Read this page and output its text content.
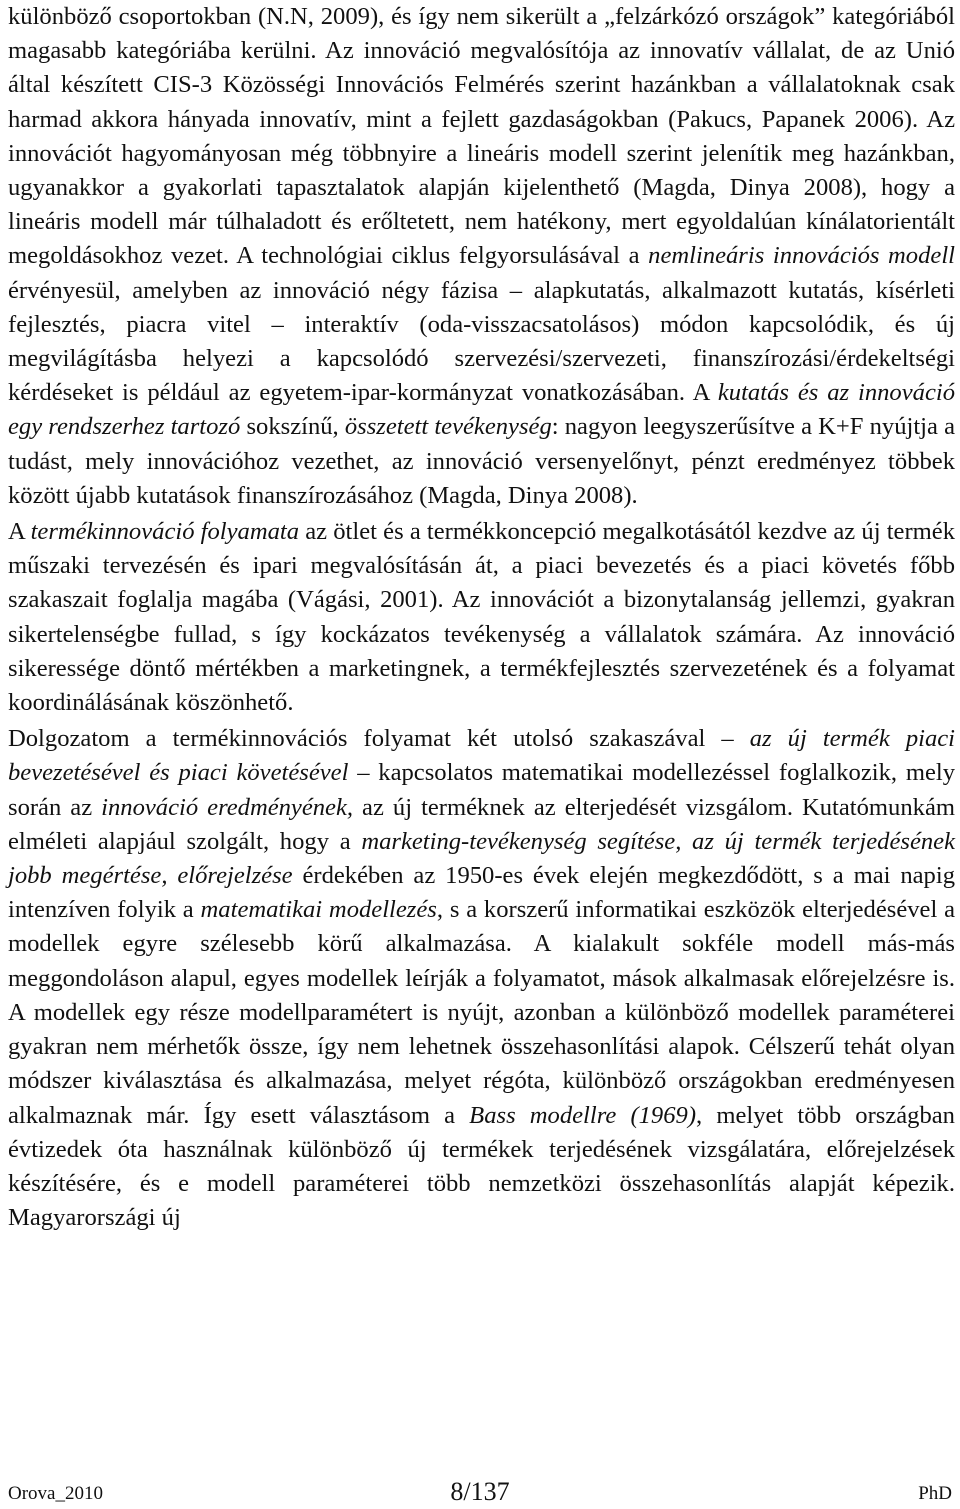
különböző csoportokban (N.N, 2009), és így nem sikerült a „felzárkózó országok” kategóriából magasabb kategóriába kerülni. Az innováció megvalósítója az innovatív vállalat, de az Unió által készített CIS-3 Közösségi Innovációs Felmérés szerint hazánkban a vállalatoknak csak harmad akkora hányada innovatív, mint a fejlett gazdaságokban (Pakucs, Papanek 2006). Az innovációt hagyományosan még többnyire a lineáris modell szerint jelenítik meg hazánkban, ugyanakkor a gyakorlati tapasztalatok alapján kijelenthető (Magda, Dinya 2008), hogy a lineáris modell már túlhaladott és erőltetett, nem hatékony, mert egyoldalúan kínálatorientált megoldásokhoz vezet. A technológiai ciklus felgyorsulásával a nemlineáris innovációs modell érvényesül, amelyben az innováció négy fázisa – alapkutatás, alkalmazott kutatás, kísérleti fejlesztés, piacra vitel – interaktív (oda-visszacsatolásos) módon kapcsolódik, és új megvilágításba helyezi a kapcsolódó szervezési/szervezeti, finanszírozási/érdekeltségi kérdéseket is például az egyetem-ipar-kormányzat vonatkozásában. A kutatás és az innováció egy rendszerhez tartozó sokszínű, összetett tevékenység: nagyon leegyszerűsítve a K+F nyújtja a tudást, mely innovációhoz vezethet, az innováció versenyelőnyt, pénzt eredményez többek között újabb kutatások finanszírozásához (Magda, Dinya 2008).

A termékinnováció folyamata az ötlet és a termékkoncepció megalkotásától kezdve az új termék műszaki tervezésén és ipari megvalósításán át, a piaci bevezetés és a piaci követés főbb szakaszait foglalja magába (Vágási, 2001). Az innovációt a bizonytalanság jellemzi, gyakran sikertelenségbe fullad, s így kockázatos tevékenység a vállalatok számára. Az innováció sikeressége döntő mértékben a marketingnek, a termékfejlesztés szervezetének és a folyamat koordinálásának köszönhető.

Dolgozatom a termékinnovációs folyamat két utolsó szakaszával – az új termék piaci bevezetésével és piaci követésével – kapcsolatos matematikai modellezéssel foglalkozik, mely során az innováció eredményének, az új terméknek az elterjedését vizsgálom. Kutatómunkám elméleti alapjául szolgált, hogy a marketing-tevékenység segítése, az új termék terjedésének jobb megértése, előrejelzése érdekében az 1950-es évek elején megkezdődött, s a mai napig intenzíven folyik a matematikai modellezés, s a korszerű informatikai eszközök elterjedésével a modellek egyre szélesebb körű alkalmazása. A kialakult sokféle modell más-más meggondoláson alapul, egyes modellek leírják a folyamatot, mások alkalmasak előrejelzésre is. A modellek egy része modellparamétert is nyújt, azonban a különböző modellek paraméterei gyakran nem mérhetők össze, így nem lehetnek összehasonlítási alapok. Célszerű tehát olyan módszer kiválasztása és alkalmazása, melyet régóta, különböző országokban eredményesen alkalmaznak már. Így esett választásom a Bass modellre (1969), melyet több országban évtizedek óta használnak különböző új termékek terjedésének vizsgálatára, előrejelzések készítésére, és e modell paraméterei több nemzetközi összehasonlítás alapját képezik. Magyarországi új

Orova_2010	8/137	PhD
